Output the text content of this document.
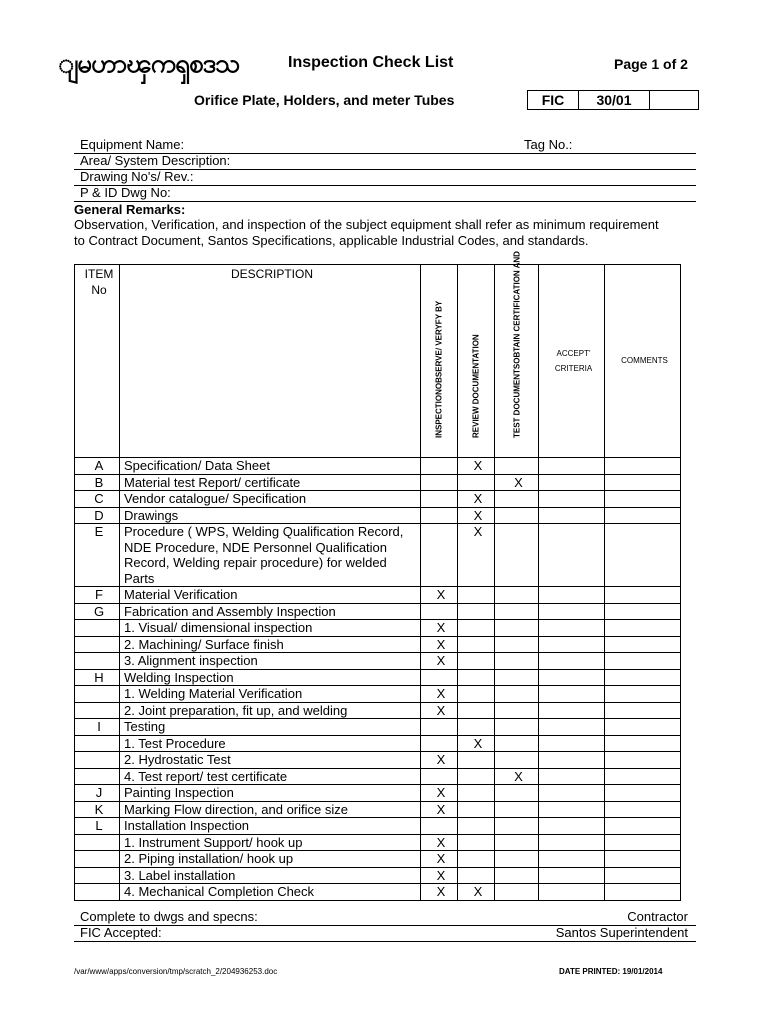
ျမဟာၾကၡစဒသ	Inspection Check List	Page 1 of 2
Orifice Plate, Holders, and meter Tubes	FIC	30/01
Equipment Name:	Tag No.:
Area/ System Description:
Drawing No's/ Rev.:
P & ID Dwg No:
General Remarks:
Observation, Verification, and inspection of the subject equipment shall refer as minimum requirement to Contract Document, Santos Specifications, applicable Industrial Codes, and standards.
ITEM No	DESCRIPTION	INSPECTIONOBSERVE/ VERYFY BY	REVIEW DOCUMENTATION	TEST DOCUMENTSOBTAIN CERTIFICATION AND	ACCEPT' CRITERIA	COMMENTS
A	Specification/ Data Sheet		X			
B	Material test Report/ certificate			X		
C	Vendor catalogue/ Specification		X			
D	Drawings		X			
E	Procedure ( WPS, Welding Qualification Record, NDE Procedure, NDE Personnel Qualification Record, Welding repair procedure) for welded Parts		X			
F	Material Verification	X				
G	Fabrication and Assembly Inspection					
	1. Visual/ dimensional inspection	X				
	2. Machining/ Surface finish	X				
	3. Alignment inspection	X				
H	Welding Inspection					
	1. Welding Material Verification	X				
	2. Joint preparation, fit up, and welding	X				
I	Testing					
	1. Test Procedure		X			
	2. Hydrostatic Test	X				
	4. Test report/ test certificate			X		
J	Painting Inspection	X				
K	Marking Flow direction, and orifice size	X				
L	Installation Inspection					
	1. Instrument Support/ hook up	X				
	2. Piping installation/ hook up	X				
	3. Label installation	X				
	4. Mechanical Completion Check	X	X			
Complete to dwgs and specns:	Contractor
FIC Accepted:	Santos Superintendent
/var/www/apps/conversion/tmp/scratch_2/204936253.doc	DATE PRINTED: 19/01/2014
